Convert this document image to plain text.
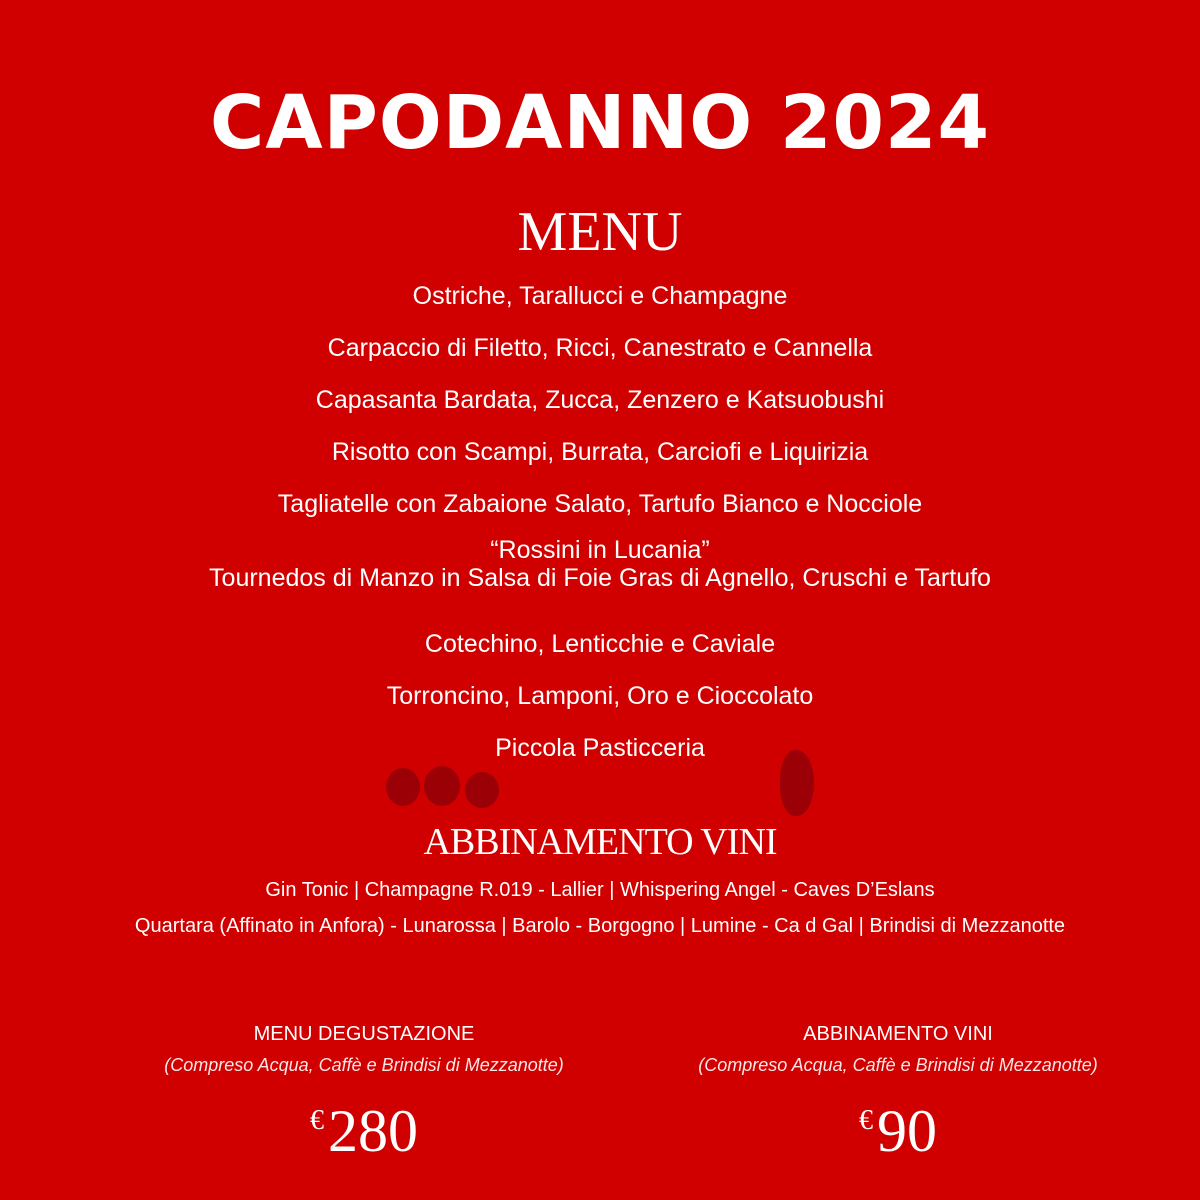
CAPODANNO 2024
MENU
Ostriche, Tarallucci e Champagne
Carpaccio di Filetto, Ricci, Canestrato e Cannella
Capasanta Bardata, Zucca, Zenzero e Katsuobushi
Risotto con Scampi, Burrata, Carciofi e Liquirizia
Tagliatelle con Zabaione Salato, Tartufo Bianco e Nocciole
“Rossini in Lucania”
Tournedos di Manzo in Salsa di Foie Gras di Agnello, Cruschi e Tartufo
Cotechino, Lenticchie e Caviale
Torroncino, Lamponi, Oro e Cioccolato
Piccola Pasticceria
ABBINAMENTO VINI
Gin Tonic | Champagne R.019 - Lallier | Whispering Angel - Caves D’Eslans
Quartara (Affinato in Anfora) - Lunarossa | Barolo - Borgogno | Lumine - Ca d Gal | Brindisi di Mezzanotte
MENU DEGUSTAZIONE
(Compreso Acqua, Caffè e Brindisi di Mezzanotte)
€280
ABBINAMENTO VINI
(Compreso Acqua, Caffè e Brindisi di Mezzanotte)
€90
